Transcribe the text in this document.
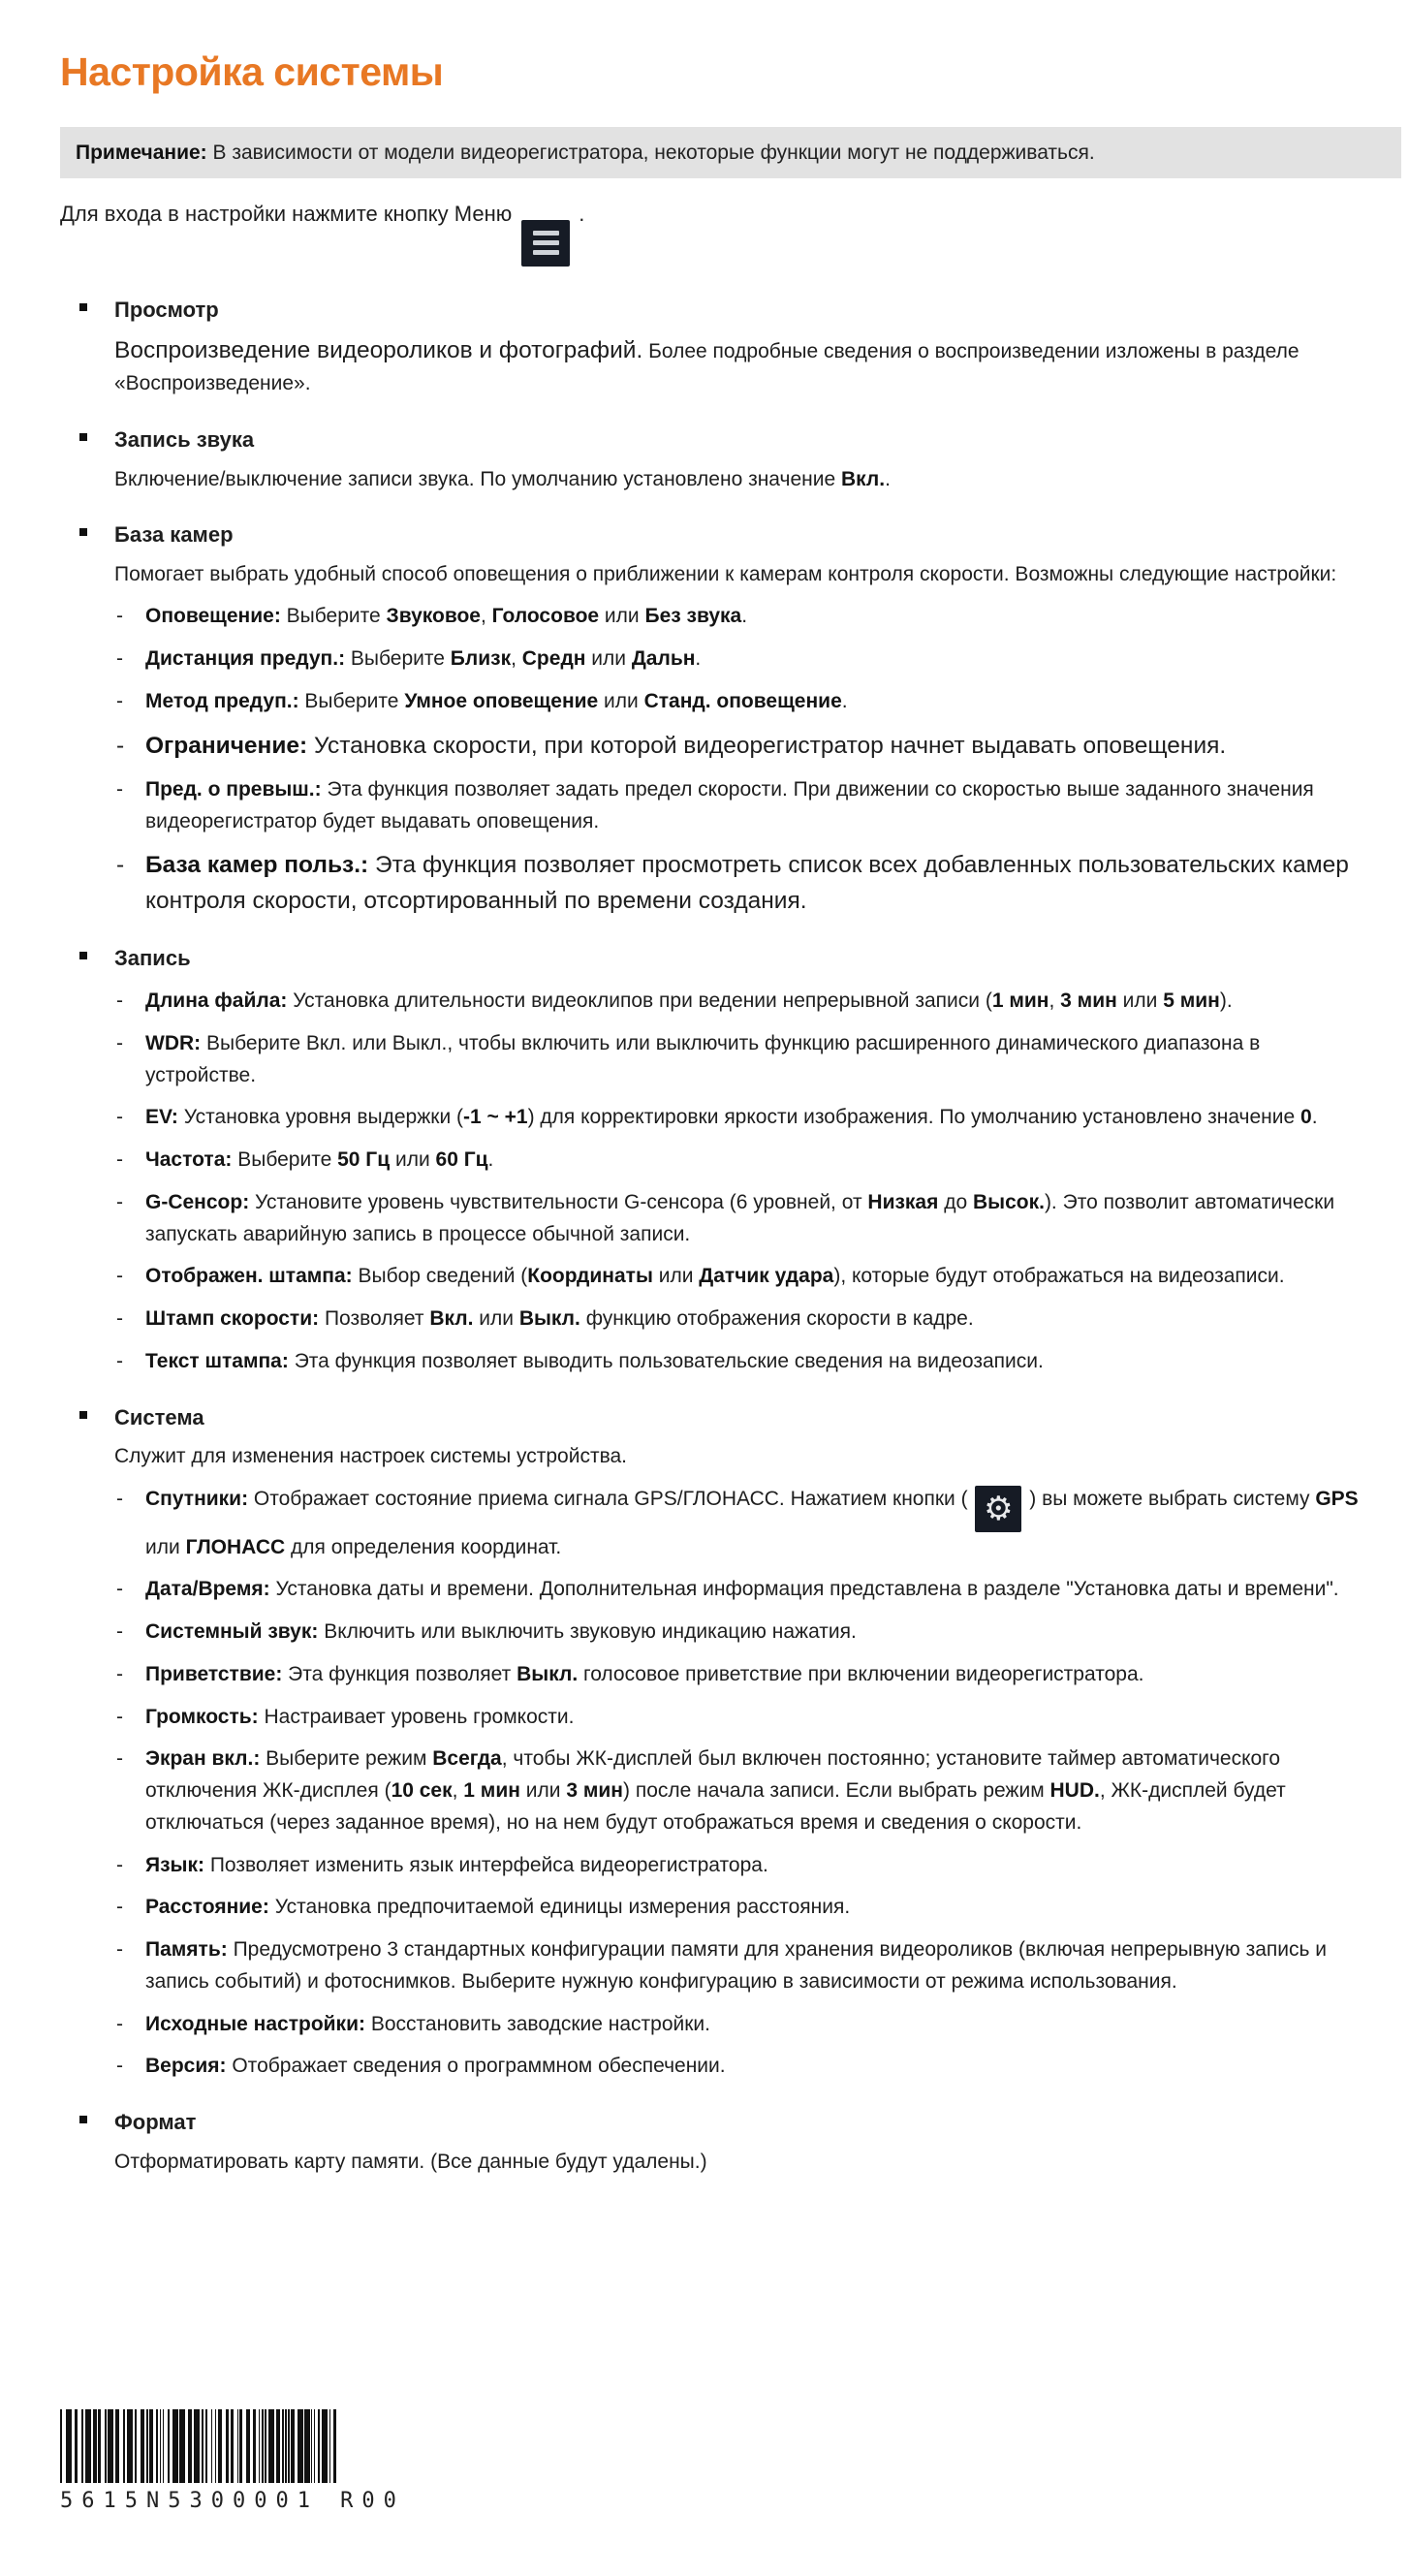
Настройка системы
Примечание: В зависимости от модели видеорегистратора, некоторые функции могут не поддерживаться.
Для входа в настройки нажмите кнопку Меню	.
Просмотр
Воспроизведение видеороликов и фотографий. Более подробные сведения о воспроизведении изложены в разделе «Воспроизведение».
Запись звука
Включение/выключение записи звука. По умолчанию установлено значение Вкл..
База камер
Помогает выбрать удобный способ оповещения о приближении к камерам контроля скорости. Возможны следующие настройки:
-	Оповещение: Выберите Звуковое, Голосовое или Без звука.
-	Дистанция предуп.: Выберите Близк, Средн или Дальн.
-	Метод предуп.: Выберите Умное оповещение или Станд. оповещение.
- Ограничение: Установка скорости, при которой видеорегистратор начнет выдавать оповещения.
-	Пред. о превыш.: Эта функция позволяет задать предел скорости. При движении со скоростью выше заданного значения видеорегистратор будет выдавать оповещения.
- База камер польз.: Эта функция позволяет просмотреть список всех добавленных пользовательских камер контроля скорости, отсортированный по времени создания.
Запись
-	Длина файла: Установка длительности видеоклипов при ведении непрерывной записи (1 мин, 3 мин или 5 мин).
-	WDR: Выберите Вкл. или Выкл., чтобы включить или выключить функцию расширенного динамического диапазона в устройстве.
-	EV: Установка уровня выдержки (-1 ~ +1) для корректировки яркости изображения. По умолчанию установлено значение 0.
-	Частота: Выберите 50 Гц или 60 Гц.
-	G-Сенсор: Установите уровень чувствительности G-сенсора (6 уровней, от Низкая до Высок.). Это позволит автоматически запускать аварийную запись в процессе обычной записи.
-	Отображен. штампа: Выбор сведений (Координаты или Датчик удара), которые будут отображаться на видеозаписи.
-	Штамп скорости: Позволяет Вкл. или Выкл. функцию отображения скорости в кадре.
-	Текст штампа: Эта функция позволяет выводить пользовательские сведения на видеозаписи.
Система
Служит для изменения настроек системы устройства.
-	Спутники: Отображает состояние приема сигнала GPS/ГЛОНАСС. Нажатием кнопки ( ⚙ ) вы можете выбрать систему GPS или ГЛОНАСС для определения координат.
-	Дата/Время: Установка даты и времени. Дополнительная информация представлена в разделе "Установка даты и времени".
-	Системный звук: Включить или выключить звуковую индикацию нажатия.
-	Приветствие: Эта функция позволяет Выкл. голосовое приветствие при включении видеорегистратора.
-	Громкость: Настраивает уровень громкости.
-	Экран вкл.: Выберите режим Всегда, чтобы ЖК-дисплей был включен постоянно; установите таймер автоматического отключения ЖК-дисплея (10 сек, 1 мин или 3 мин) после начала записи. Если выбрать режим HUD., ЖК-дисплей будет отключаться (через заданное время), но на нем будут отображаться время и сведения о скорости.
-	Язык: Позволяет изменить язык интерфейса видеорегистратора.
-	Расстояние: Установка предпочитаемой единицы измерения расстояния.
-	Память: Предусмотрено 3 стандартных конфигурации памяти для хранения видеороликов (включая непрерывную запись и запись событий) и фотоснимков. Выберите нужную конфигурацию в зависимости от режима использования.
-	Исходные настройки: Восстановить заводские настройки.
-	Версия: Отображает сведения о программном обеспечении.
Формат
Отформатировать карту памяти. (Все данные будут удалены.)
5615N5300001 R00
